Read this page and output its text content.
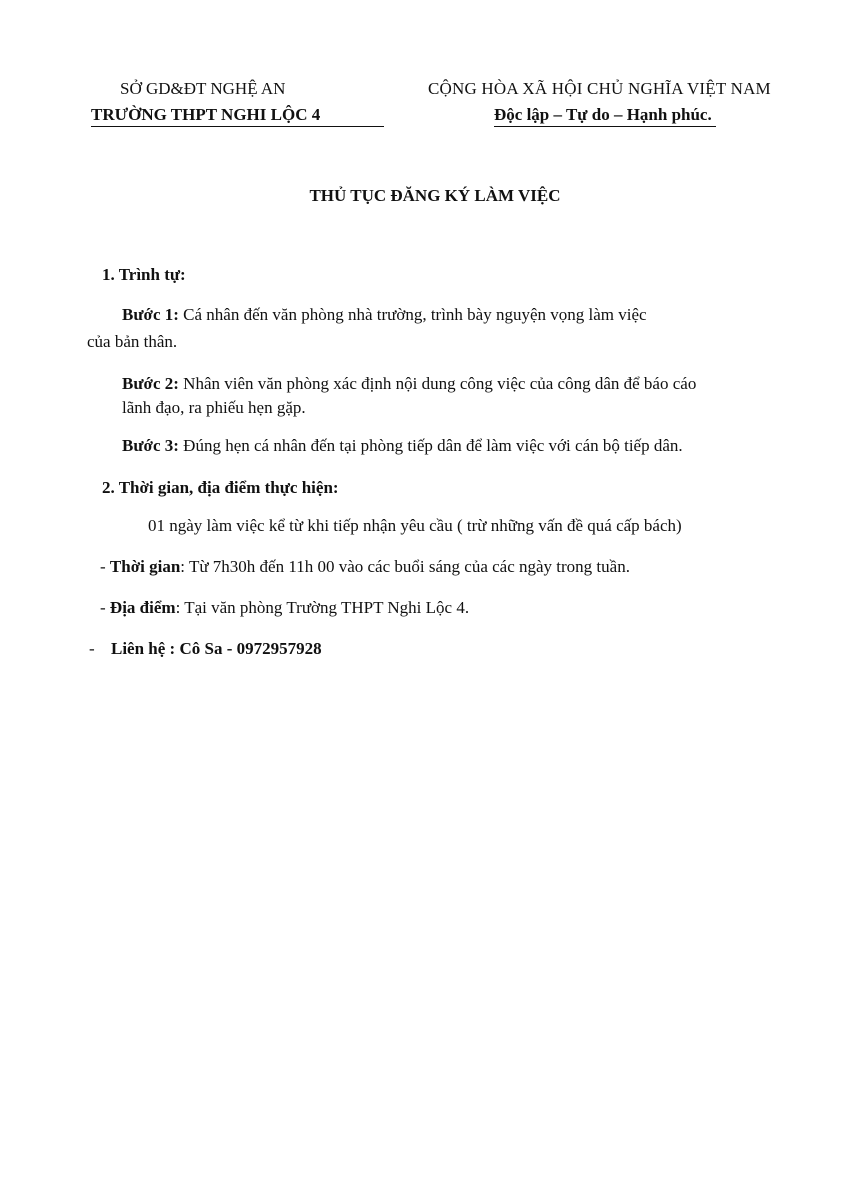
SỞ GD&ĐT NGHỆ AN
TRƯỜNG THPT NGHI LỘC 4
CỘNG HÒA XÃ HỘI CHỦ NGHĨA VIỆT NAM
Độc lập – Tự do – Hạnh phúc.
THỦ TỤC ĐĂNG KÝ LÀM VIỆC
1. Trình tự:
Bước 1: Cá nhân đến văn phòng nhà trường, trình bày nguyện vọng làm việc
của bản thân.
Bước 2: Nhân viên văn phòng xác định nội dung công việc của công dân để báo cáo
lãnh đạo, ra phiếu hẹn gặp.
Bước 3: Đúng hẹn cá nhân đến tại phòng tiếp dân để làm việc với cán bộ tiếp dân.
2. Thời gian, địa điểm thực hiện:
01 ngày làm việc kể từ khi tiếp nhận yêu cầu ( trừ những vấn đề quá cấp bách)
- Thời gian: Từ 7h30h đến 11h 00 vào các buổi sáng của các ngày trong tuần.
- Địa điểm: Tại văn phòng Trường THPT Nghi Lộc 4.
- Liên hệ : Cô Sa - 0972957928
